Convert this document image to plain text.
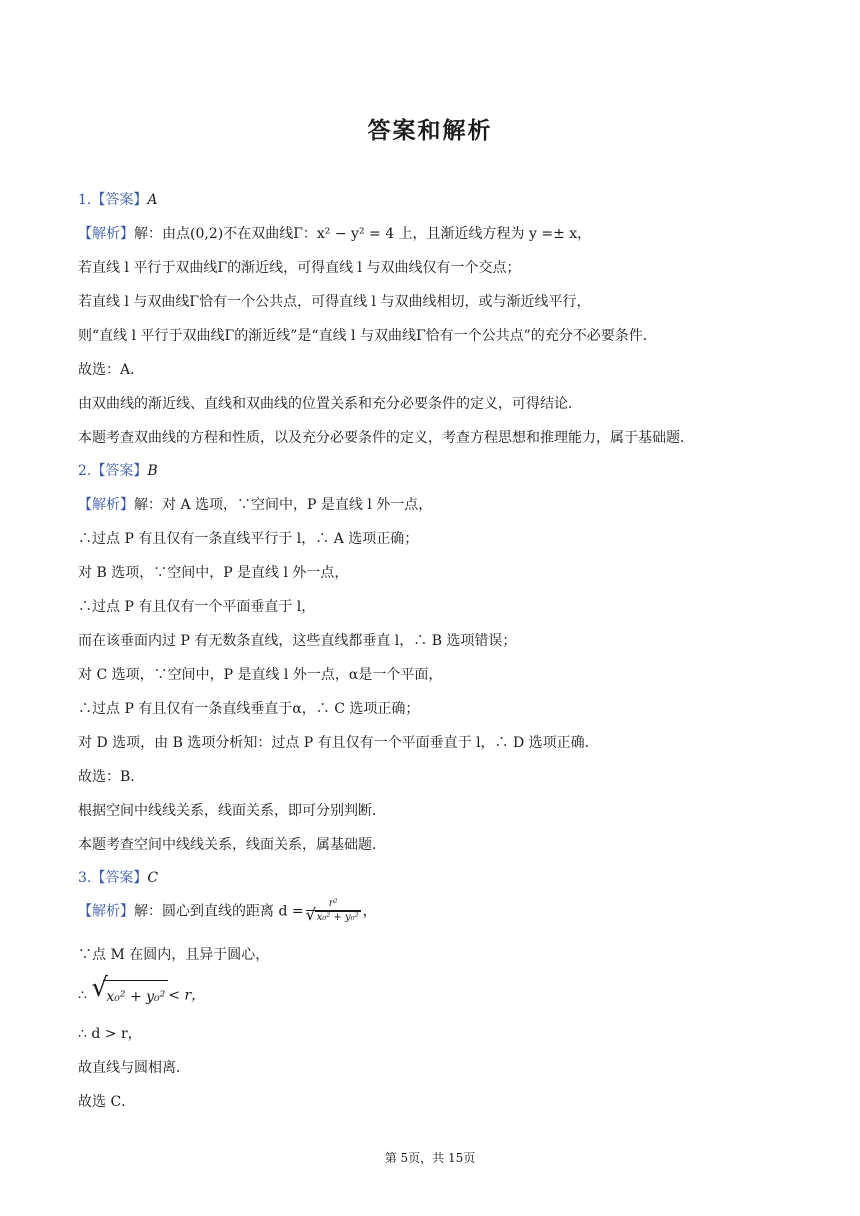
答案和解析
1.【答案】A
【解析】解：由点(0,2)不在双曲线Γ：x² − y² = 4 上，且渐近线方程为 y =± x，
若直线 l 平行于双曲线Γ的渐近线，可得直线 l 与双曲线仅有一个交点；
若直线 l 与双曲线Γ恰有一个公共点，可得直线 l 与双曲线相切，或与渐近线平行，
则“直线 l 平行于双曲线Γ的渐近线”是“直线 l 与双曲线Γ恰有一个公共点”的充分不必要条件．
故选：A．
由双曲线的渐近线、直线和双曲线的位置关系和充分必要条件的定义，可得结论．
本题考查双曲线的方程和性质，以及充分必要条件的定义，考查方程思想和推理能力，属于基础题．
2.【答案】B
【解析】解：对 A 选项，∵空间中，P 是直线 l 外一点，
∴过点 P 有且仅有一条直线平行于 l，∴ A 选项正确；
对 B 选项，∵空间中，P 是直线 l 外一点，
∴过点 P 有且仅有一个平面垂直于 l，
而在该垂面内过 P 有无数条直线，这些直线都垂直 l，∴ B 选项错误；
对 C 选项，∵空间中，P 是直线 l 外一点，α是一个平面，
∴过点 P 有且仅有一条直线垂直于α，∴ C 选项正确；
对 D 选项，由 B 选项分析知：过点 P 有且仅有一个平面垂直于 l，∴ D 选项正确．
故选：B．
根据空间中线线关系，线面关系，即可分别判断．
本题考查空间中线线关系，线面关系，属基础题．
3.【答案】C
【解析】解：圆心到直线的距离 $d = \frac{\text{r²}}{\text{√ x₀² + y₀²}}$ ，
∵点 M 在圆内，且异于圆心，
∴ √
x₀² + y₀² < r，
∴ d > r，
故直线与圆相离．
故选 C．
第 5页，共 15页
